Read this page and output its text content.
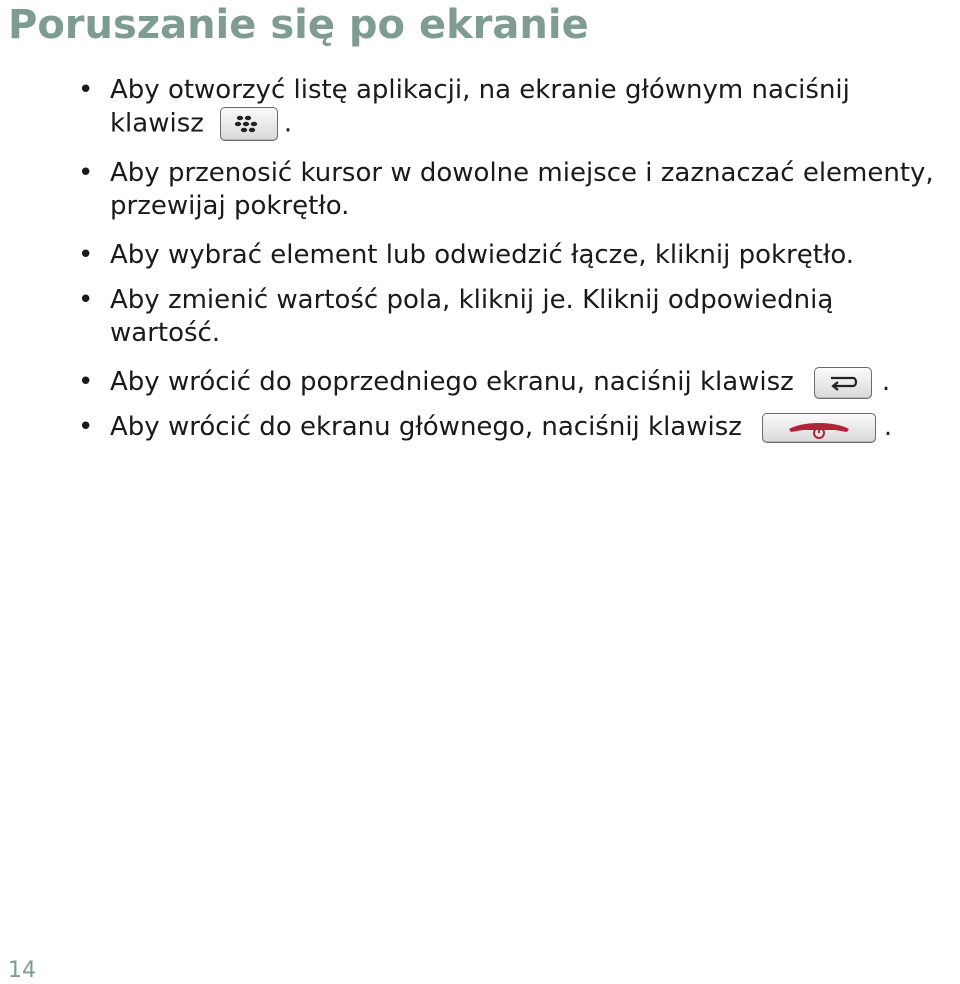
Poruszanie się po ekranie
• Aby otworzyć listę aplikacji, na ekranie głównym naciśnij klawisz	.
• Aby przenosić kursor w dowolne miejsce i zaznaczać elementy, przewijaj pokrętło.
• Aby wybrać element lub odwiedzić łącze, kliknij pokrętło.
• Aby zmienić wartość pola, kliknij je. Kliknij odpowiednią wartość.
• Aby wrócić do poprzedniego ekranu, naciśnij klawisz	.
• Aby wrócić do ekranu głównego, naciśnij klawisz	.
14
